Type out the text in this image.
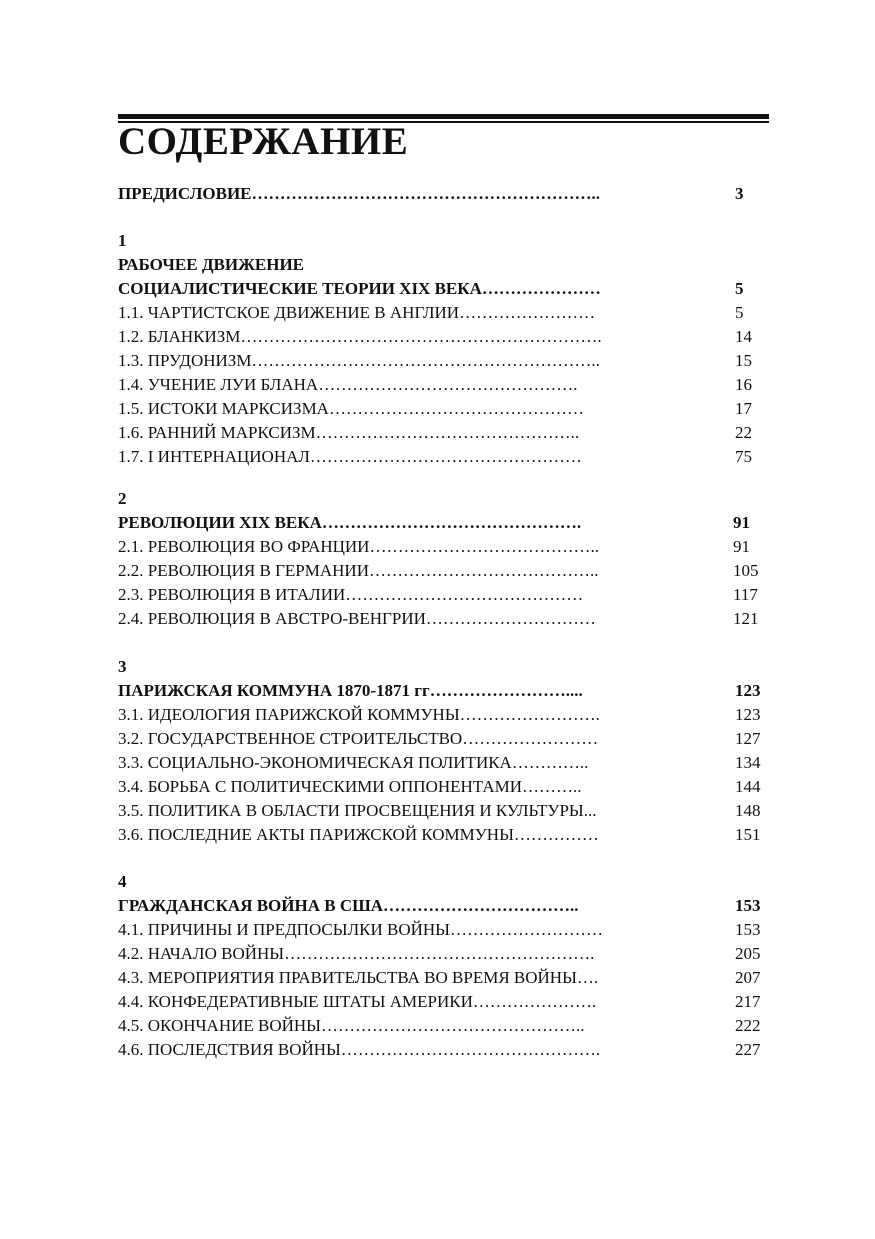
СОДЕРЖАНИЕ
ПРЕДИСЛОВИЕ……………………………………………………..	3
1
РАБОЧЕЕ ДВИЖЕНИЕ
СОЦИАЛИСТИЧЕСКИЕ ТЕОРИИ XIX ВЕКА…………………	5
1.1. ЧАРТИСТСКОЕ ДВИЖЕНИЕ В АНГЛИИ……………………	5
1.2. БЛАНКИЗМ……………………………………………………….	14
1.3. ПРУДОНИЗМ……………………………………………………..	15
1.4. УЧЕНИЕ ЛУИ БЛАНА……………………………………….	16
1.5. ИСТОКИ МАРКСИЗМА………………………………………	17
1.6. РАННИЙ МАРКСИЗМ………………………………………..	22
1.7. I ИНТЕРНАЦИОНАЛ…………………………………………	75
2
РЕВОЛЮЦИИ XIX ВЕКА……………………………………….	91
2.1. РЕВОЛЮЦИЯ ВО ФРАНЦИИ…………………………………..	91
2.2. РЕВОЛЮЦИЯ В ГЕРМАНИИ…………………………………..	105
2.3. РЕВОЛЮЦИЯ В ИТАЛИИ……………………………………	117
2.4. РЕВОЛЮЦИЯ В АВСТРО-ВЕНГРИИ…………………………	121
3
ПАРИЖСКАЯ КОММУНА 1870-1871 гг……………………....	123
3.1. ИДЕОЛОГИЯ ПАРИЖСКОЙ КОММУНЫ…………………….	123
3.2. ГОСУДАРСТВЕННОЕ СТРОИТЕЛЬСТВО……………………	127
3.3. СОЦИАЛЬНО-ЭКОНОМИЧЕСКАЯ ПОЛИТИКА…………..	134
3.4. БОРЬБА С ПОЛИТИЧЕСКИМИ ОППОНЕНТАМИ………..	144
3.5. ПОЛИТИКА В ОБЛАСТИ ПРОСВЕЩЕНИЯ И КУЛЬТУРЫ...	148
3.6. ПОСЛЕДНИЕ АКТЫ ПАРИЖСКОЙ КОММУНЫ……………	151
4
ГРАЖДАНСКАЯ ВОЙНА В США……………………………..	153
4.1. ПРИЧИНЫ И ПРЕДПОСЫЛКИ ВОЙНЫ………………………	153
4.2. НАЧАЛО ВОЙНЫ……………………………………………….	205
4.3. МЕРОПРИЯТИЯ ПРАВИТЕЛЬСТВА ВО ВРЕМЯ ВОЙНЫ….	207
4.4. КОНФЕДЕРАТИВНЫЕ ШТАТЫ АМЕРИКИ………………….	217
4.5. ОКОНЧАНИЕ ВОЙНЫ………………………………………..	222
4.6. ПОСЛЕДСТВИЯ ВОЙНЫ……………………………………….	227
